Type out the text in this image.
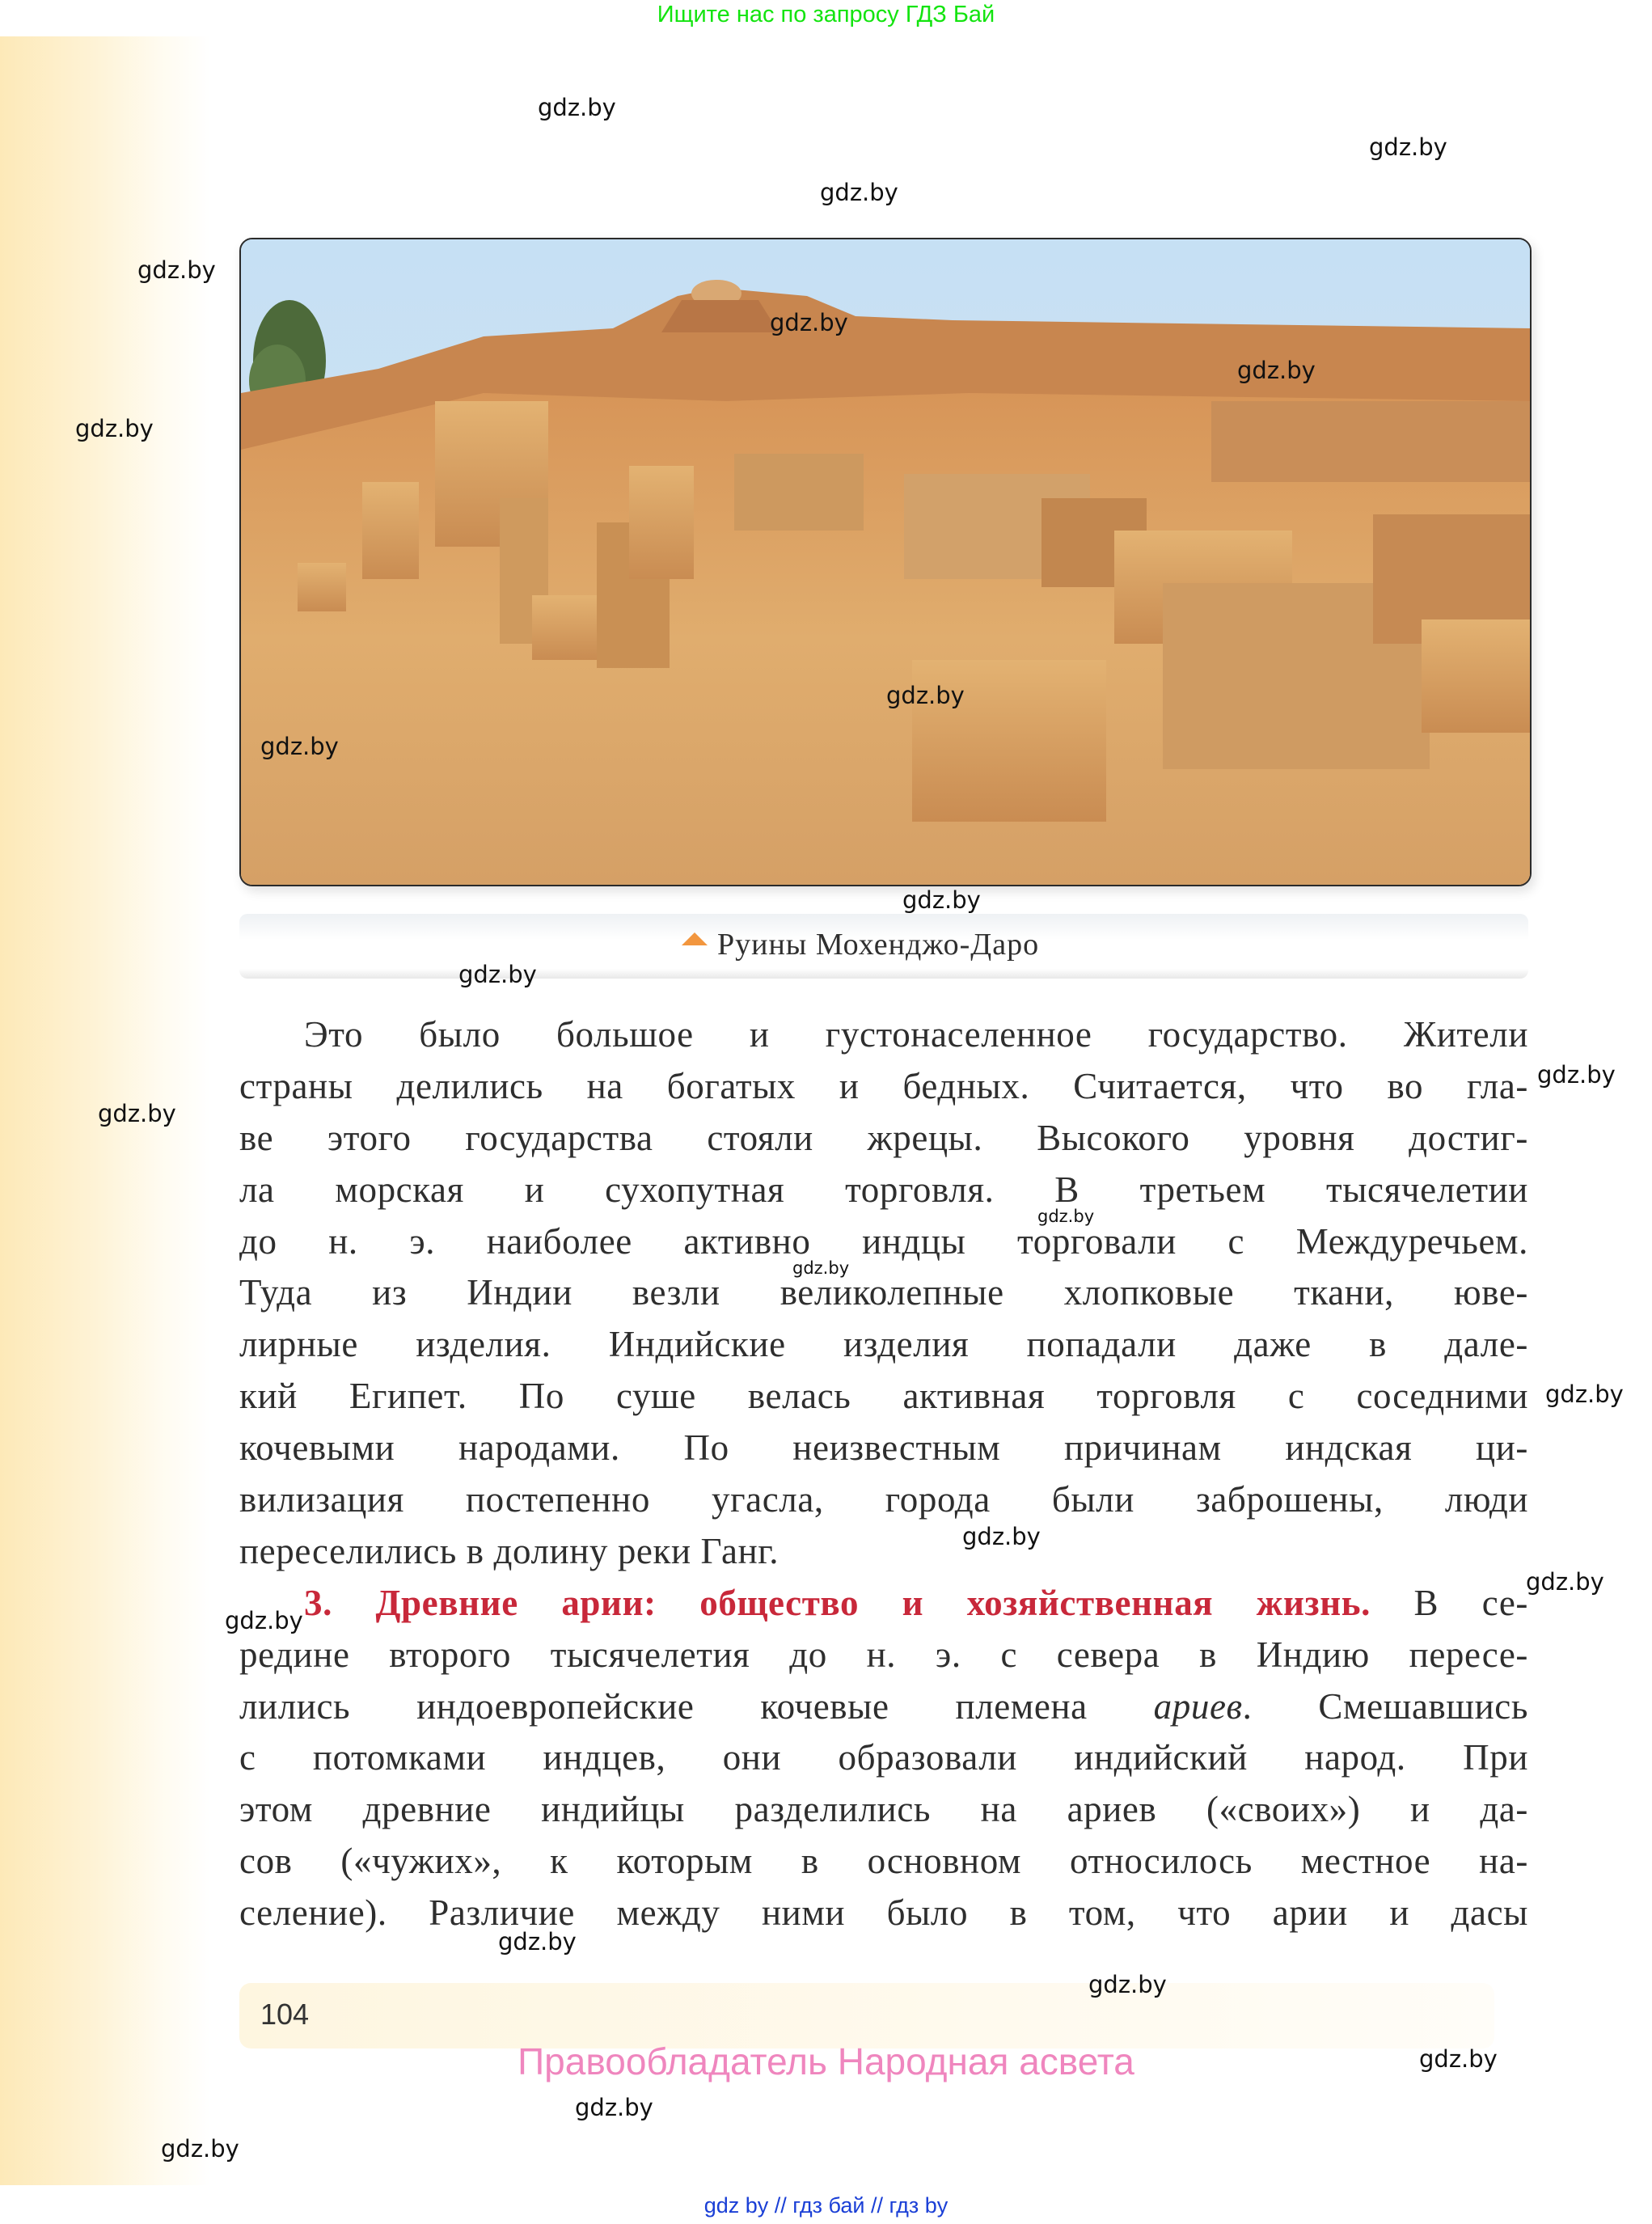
Ищите нас по запросу ГДЗ Бай
Руины Мохенджо-Даро
Это было большое и густонаселенное государство. Жители
страны делились на богатых и бедных. Считается, что во гла-
ве этого государства стояли жрецы. Высокого уровня достиг-
ла морская и сухопутная торговля. В третьем тысячелетии
до н. э. наиболее активно индцы торговали с Междуречьем.
Туда из Индии везли великолепные хлопковые ткани, юве-
лирные изделия. Индийские изделия попадали даже в дале-
кий Египет. По суше велась активная торговля с соседними
кочевыми народами. По неизвестным причинам индская ци-
вилизация постепенно угасла, города были заброшены, люди
переселились в долину реки Ганг.
3. Древние арии: общество и хозяйственная жизнь. В се-
редине второго тысячелетия до н. э. с севера в Индию пересе-
лились индоевропейские кочевые племена ариев. Смешавшись
с потомками индцев, они образовали индийский народ. При
этом древние индийцы разделились на ариев («своих») и да-
сов («чужих», к которым в основном относилось местное на-
селение). Различие между ними было в том, что арии и дасы
104
Правообладатель Народная асвета
gdz by // гдз бай // гдз by
gdz.by
gdz.by
gdz.by
gdz.by
gdz.by
gdz.by
gdz.by
gdz.by
gdz.by
gdz.by
gdz.by
gdz.by
gdz.by
gdz.by
gdz.by
gdz.by
gdz.by
gdz.by
gdz.by
gdz.by
gdz.by
gdz.by
gdz.by
gdz.by
